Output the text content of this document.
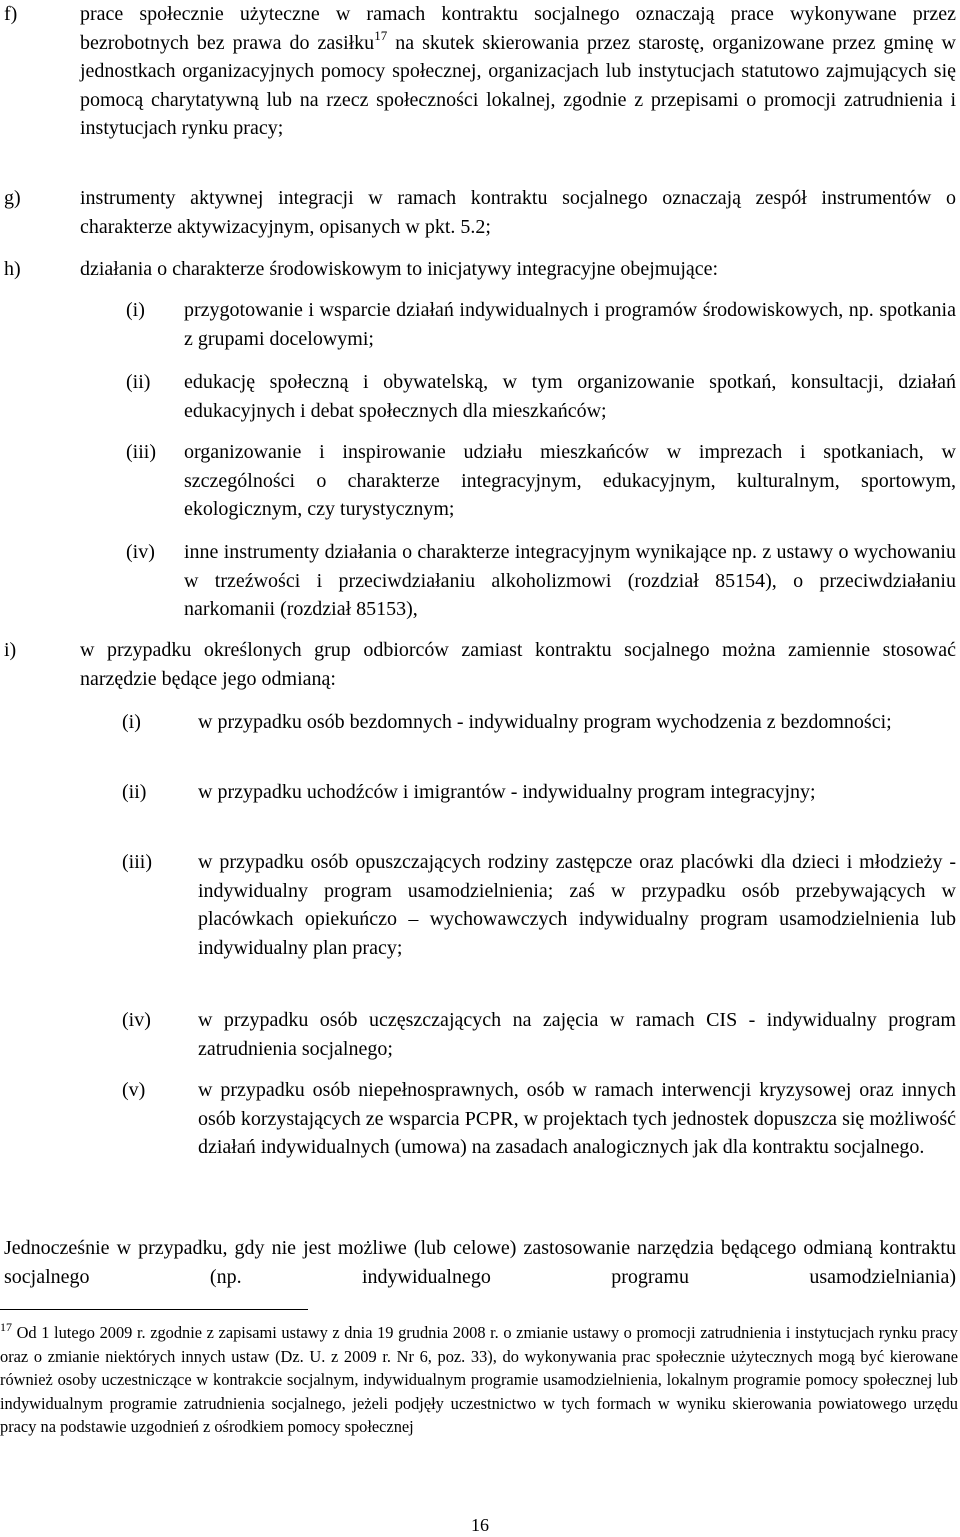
f)	prace społecznie użyteczne w ramach kontraktu socjalnego oznaczają prace wykonywane przez bezrobotnych bez prawa do zasiłku$^{17}$ na skutek skierowania przez starostę, organizowane przez gminę w jednostkach organizacyjnych pomocy społecznej, organizacjach lub instytucjach statutowo zajmujących się pomocą charytatywną lub na rzecz społeczności lokalnej, zgodnie z przepisami o promocji zatrudnienia i instytucjach rynku pracy;
g)	instrumenty aktywnej integracji w ramach kontraktu socjalnego oznaczają zespół instrumentów o charakterze aktywizacyjnym, opisanych w pkt. 5.2;
h)	działania o charakterze środowiskowym to inicjatywy integracyjne obejmujące:
(i) przygotowanie i wsparcie działań indywidualnych i programów środowiskowych, np. spotkania z grupami docelowymi;
(ii) edukację społeczną i obywatelską, w tym organizowanie spotkań, konsultacji, działań edukacyjnych i debat społecznych dla mieszkańców;
(iii) organizowanie i inspirowanie udziału mieszkańców w imprezach i spotkaniach, w szczególności o charakterze integracyjnym, edukacyjnym, kulturalnym, sportowym, ekologicznym, czy turystycznym;
(iv) inne instrumenty działania o charakterze integracyjnym wynikające np. z ustawy o wychowaniu w trzeźwości i przeciwdziałaniu alkoholizmowi (rozdział 85154), o przeciwdziałaniu narkomanii (rozdział 85153),
i)	w przypadku określonych grup odbiorców zamiast kontraktu socjalnego można zamiennie stosować narzędzie będące jego odmianą:
(i)	w przypadku osób bezdomnych - indywidualny program wychodzenia z bezdomności;
(ii)	w przypadku uchodźców i imigrantów - indywidualny program integracyjny;
(iii) w przypadku osób opuszczających rodziny zastępcze oraz placówki dla dzieci i młodzieży - indywidualny program usamodzielnienia; zaś w przypadku osób przebywających w placówkach opiekuńczo – wychowawczych indywidualny program usamodzielnienia lub indywidualny plan pracy;
(iv) w przypadku osób uczęszczających na zajęcia w ramach CIS - indywidualny program zatrudnienia socjalnego;
(v)	w przypadku osób niepełnosprawnych, osób w ramach interwencji kryzysowej oraz innych osób korzystających ze wsparcia PCPR, w projektach tych jednostek dopuszcza się możliwość działań indywidualnych (umowa) na zasadach analogicznych jak dla kontraktu socjalnego.

Jednocześnie w przypadku, gdy nie jest możliwe (lub celowe) zastosowanie narzędzia będącego odmianą kontraktu socjalnego (np. indywidualnego programu usamodzielniania)

$^{17}$ Od 1 lutego 2009 r. zgodnie z zapisami ustawy z dnia 19 grudnia 2008 r. o zmianie ustawy o promocji zatrudnienia i instytucjach rynku pracy oraz o zmianie niektórych innych ustaw (Dz. U. z 2009 r. Nr 6, poz. 33), do wykonywania prac społecznie użytecznych mogą być kierowane również osoby uczestniczące w kontrakcie socjalnym, indywidualnym programie usamodzielnienia, lokalnym programie pomocy społecznej lub indywidualnym programie zatrudnienia socjalnego, jeżeli podjęły uczestnictwo w tych formach w wyniku skierowania powiatowego urzędu pracy na podstawie uzgodnień z ośrodkiem pomocy społecznej
16
